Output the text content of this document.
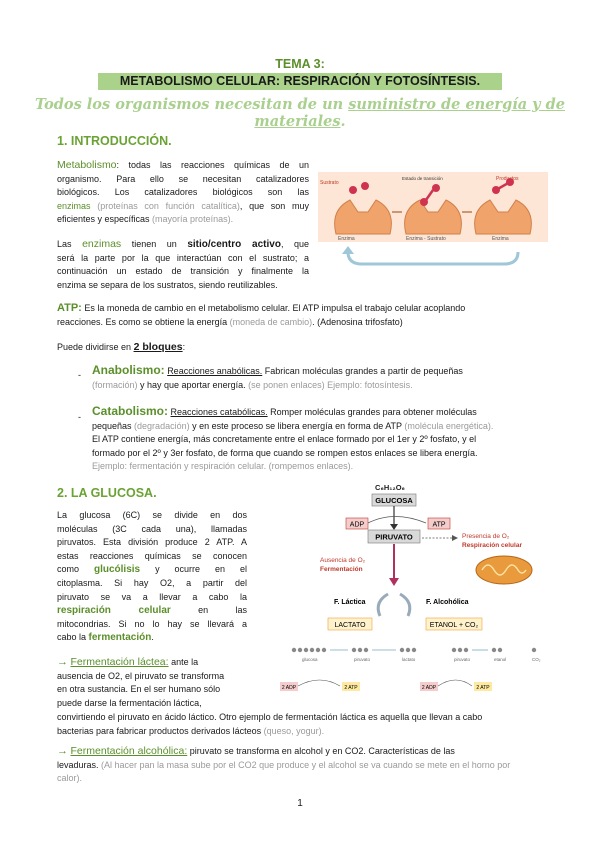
TEMA 3:
METABOLISMO CELULAR: RESPIRACIÓN Y FOTOSÍNTESIS.
Todos los organismos necesitan de un suministro de energía y de materiales.
1. INTRODUCCIÓN.

Metabolismo: todas las reacciones químicas de un

organismo. Para ello se necesitan catalizadores

biológicos. Los catalizadores biológicos son las

enzimas (proteínas con función catalítica), que son muy

eficientes y específicas (mayoría proteínas).

Las enzimas tienen un sitio/centro activo, que

será la parte por la que interactúan con el sustrato; a

continuación un estado de transición y finalmente la

enzima se separa de los sustratos, siendo reutilizables.

Sustrato
Estado de transición	Productos
Enzima	Enzima - Sustrato	Enzima

ATP: Es la moneda de cambio en el metabolismo celular. El ATP impulsa el trabajo celular acoplando

reacciones. Es como se obtiene la energía (moneda de cambio). (Adenosina trifosfato)

Puede dividirse en 2 bloques:
- Anabolismo: Reacciones anabólicas. Fabrican moléculas grandes a partir de pequeñas

(formación) y hay que aportar energía. (se ponen enlaces) Ejemplo: fotosíntesis.

- Catabolismo: Reacciones catabólicas. Romper moléculas grandes para obtener moléculas

pequeñas (degradación) y en este proceso se libera energía en forma de ATP (molécula energética).

El ATP contiene energía, más concretamente entre el enlace formado por el 1er y 2º fosfato, y el

formado por el 2º y 3er fosfato, de forma que cuando se rompen estos enlaces se libera energía.

Ejemplo: fermentación y respiración celular. (rompemos enlaces).

2. LA GLUCOSA.

La glucosa (6C) se divide en dos

moléculas (3C cada una), llamadas

piruvatos. Esta división produce 2 ATP. A

estas reacciones químicas se conocen

como glucólisis y ocurre en el

citoplasma. Si hay O2, a partir del

piruvato se va a llevar a cabo la

respiración celular en las

mitocondrias. Si no lo hay se llevará a

cabo la fermentación.

→ Fermentación láctea: ante la

ausencia de O2, el piruvato se transforma

en otra sustancia. En el ser humano sólo

puede darse la fermentación láctica,

convirtiendo el piruvato en ácido láctico. Otro ejemplo de fermentación láctica es aquella que llevan a cabo

bacterias para fabricar productos derivados lácteos (queso, yogur).

→ Fermentación alcohólica: piruvato se transforma en alcohol y en CO2. Características de las

levaduras. (Al hacer pan la masa sube por el CO2 que produce y el alcohol se va cuando se mete en el horno por

calor).

C₆H₁₂O₆
GLUCOSA
ADP	ATP
PIRUVATO	Presencia de O₂
Respiración celular
Ausencia de O₂
Fermentación
F. Láctica	F. Alcohólica
LACTATO	ETANOL + CO₂
glucosa	piruvato	lactato	piruvato	etanol	CO₂
2 ADP	2 ATP	2 ADP	2 ATP
1
